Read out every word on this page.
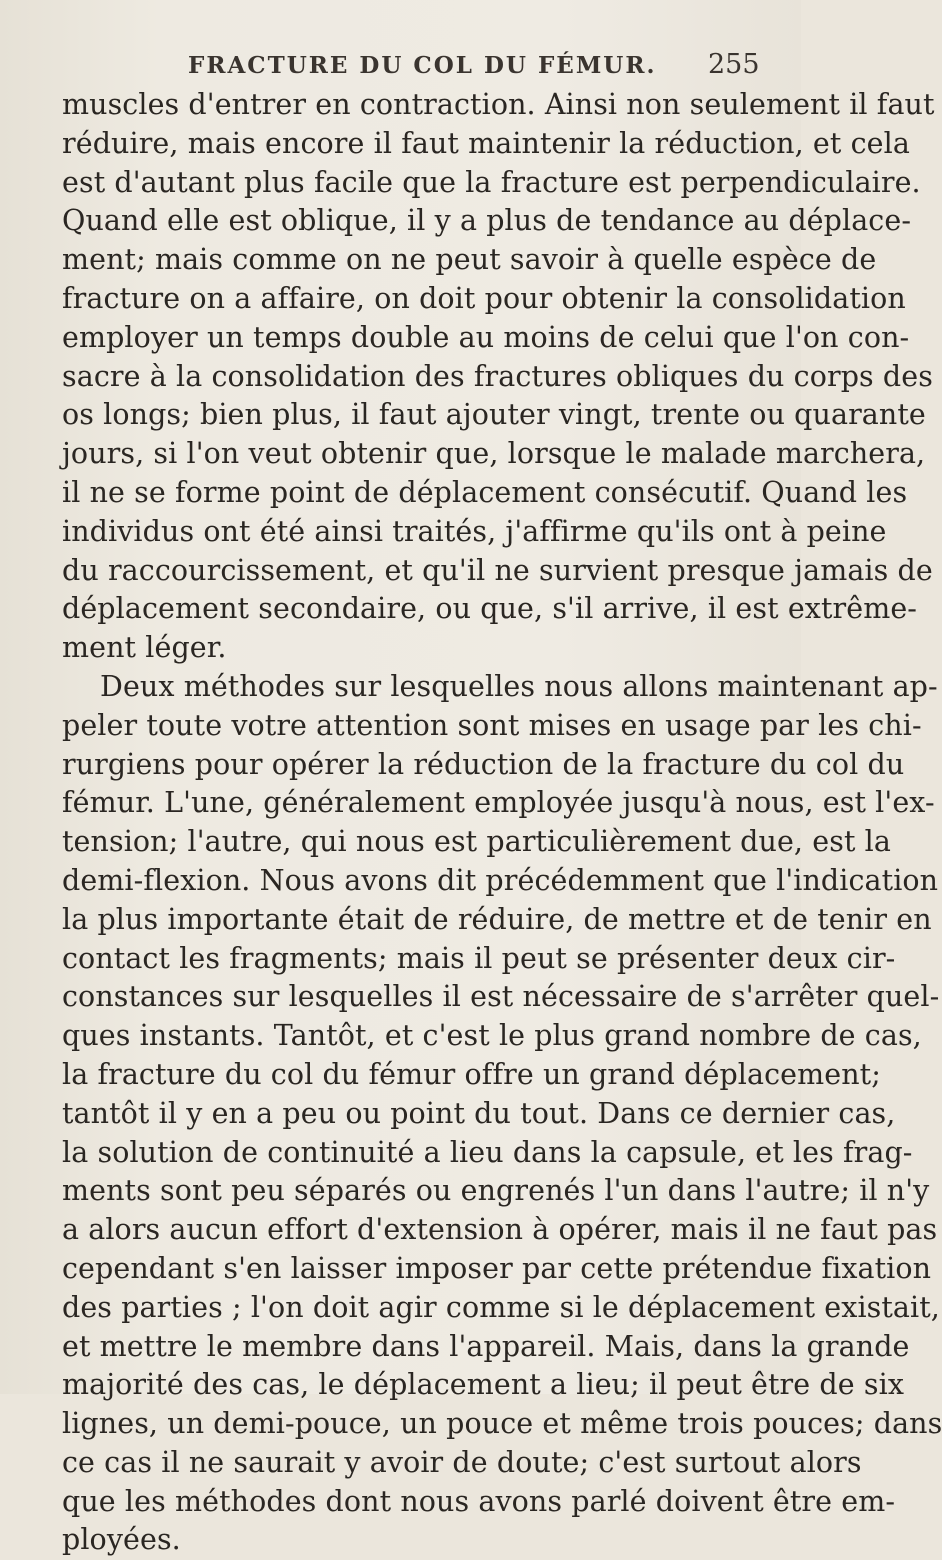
FRACTURE DU COL DU FÉMUR. 255
muscles d'entrer en contraction. Ainsi non seulement il faut
réduire, mais encore il faut maintenir la réduction, et cela
est d'autant plus facile que la fracture est perpendiculaire.
Quand elle est oblique, il y a plus de tendance au déplace-
ment; mais comme on ne peut savoir à quelle espèce de
fracture on a affaire, on doit pour obtenir la consolidation
employer un temps double au moins de celui que l'on con-
sacre à la consolidation des fractures obliques du corps des
os longs; bien plus, il faut ajouter vingt, trente ou quarante
jours, si l'on veut obtenir que, lorsque le malade marchera,
il ne se forme point de déplacement consécutif. Quand les
individus ont été ainsi traités, j'affirme qu'ils ont à peine
du raccourcissement, et qu'il ne survient presque jamais de
déplacement secondaire, ou que, s'il arrive, il est extrême-
ment léger.
Deux méthodes sur lesquelles nous allons maintenant ap-
peler toute votre attention sont mises en usage par les chi-
rurgiens pour opérer la réduction de la fracture du col du
fémur. L'une, généralement employée jusqu'à nous, est l'ex-
tension; l'autre, qui nous est particulièrement due, est la
demi-flexion. Nous avons dit précédemment que l'indication
la plus importante était de réduire, de mettre et de tenir en
contact les fragments; mais il peut se présenter deux cir-
constances sur lesquelles il est nécessaire de s'arrêter quel-
ques instants. Tantôt, et c'est le plus grand nombre de cas,
la fracture du col du fémur offre un grand déplacement;
tantôt il y en a peu ou point du tout. Dans ce dernier cas,
la solution de continuité a lieu dans la capsule, et les frag-
ments sont peu séparés ou engrenés l'un dans l'autre; il n'y
a alors aucun effort d'extension à opérer, mais il ne faut pas
cependant s'en laisser imposer par cette prétendue fixation
des parties ; l'on doit agir comme si le déplacement existait,
et mettre le membre dans l'appareil. Mais, dans la grande
majorité des cas, le déplacement a lieu; il peut être de six
lignes, un demi-pouce, un pouce et même trois pouces; dans
ce cas il ne saurait y avoir de doute; c'est surtout alors
que les méthodes dont nous avons parlé doivent être em-
ployées.
